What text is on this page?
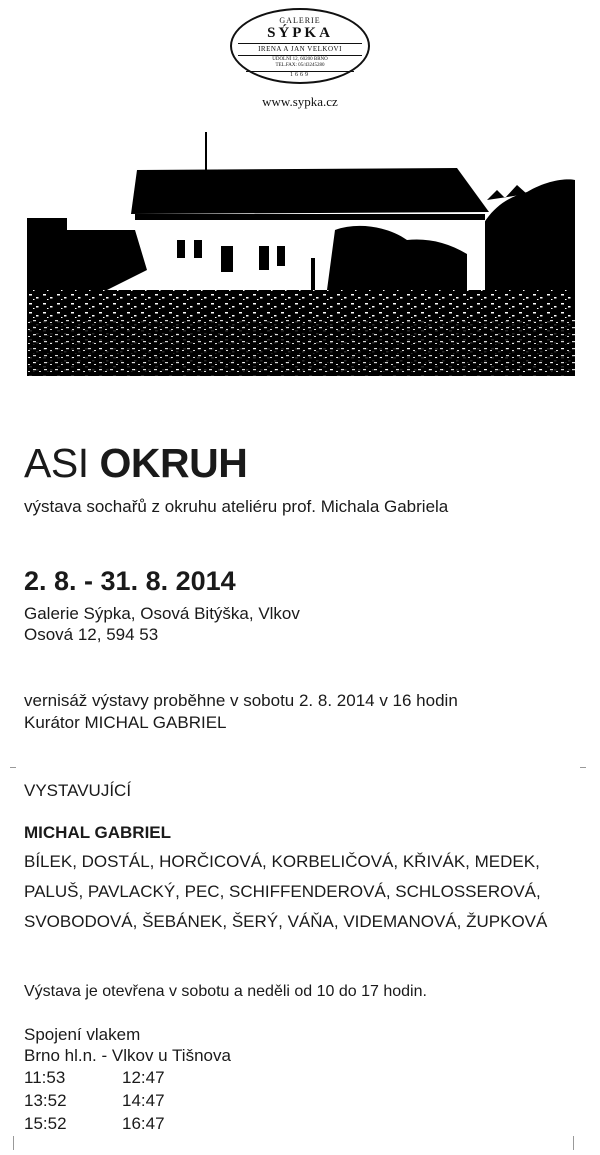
GALERIE
SÝPKA
IRENA A JAN VELKOVI
ÚDOLNÍ 12, 60200 BRNO
TEL.FAX: 05/43245280
1669
www.sypka.cz
ASI OKRUH
výstava sochařů z okruhu ateliéru prof. Michala Gabriela
2. 8. - 31. 8. 2014
Galerie Sýpka, Osová Bitýška, Vlkov
Osová 12, 594 53
vernisáž výstavy proběhne v sobotu 2. 8. 2014 v 16 hodin
Kurátor MICHAL GABRIEL
VYSTAVUJÍCÍ
MICHAL GABRIEL
BÍLEK, DOSTÁL, HORČICOVÁ, KORBELIČOVÁ, KŘIVÁK, MEDEK,
PALUŠ, PAVLACKÝ, PEC, SCHIFFENDEROVÁ, SCHLOSSEROVÁ,
SVOBODOVÁ, ŠEBÁNEK, ŠERÝ, VÁŇA, VIDEMANOVÁ, ŽUPKOVÁ
Výstava je otevřena v sobotu a neděli od 10 do 17 hodin.
Spojení vlakem
Brno hl.n. - Vlkov u Tišnova
11:53	12:47
13:52	14:47
15:52	16:47
